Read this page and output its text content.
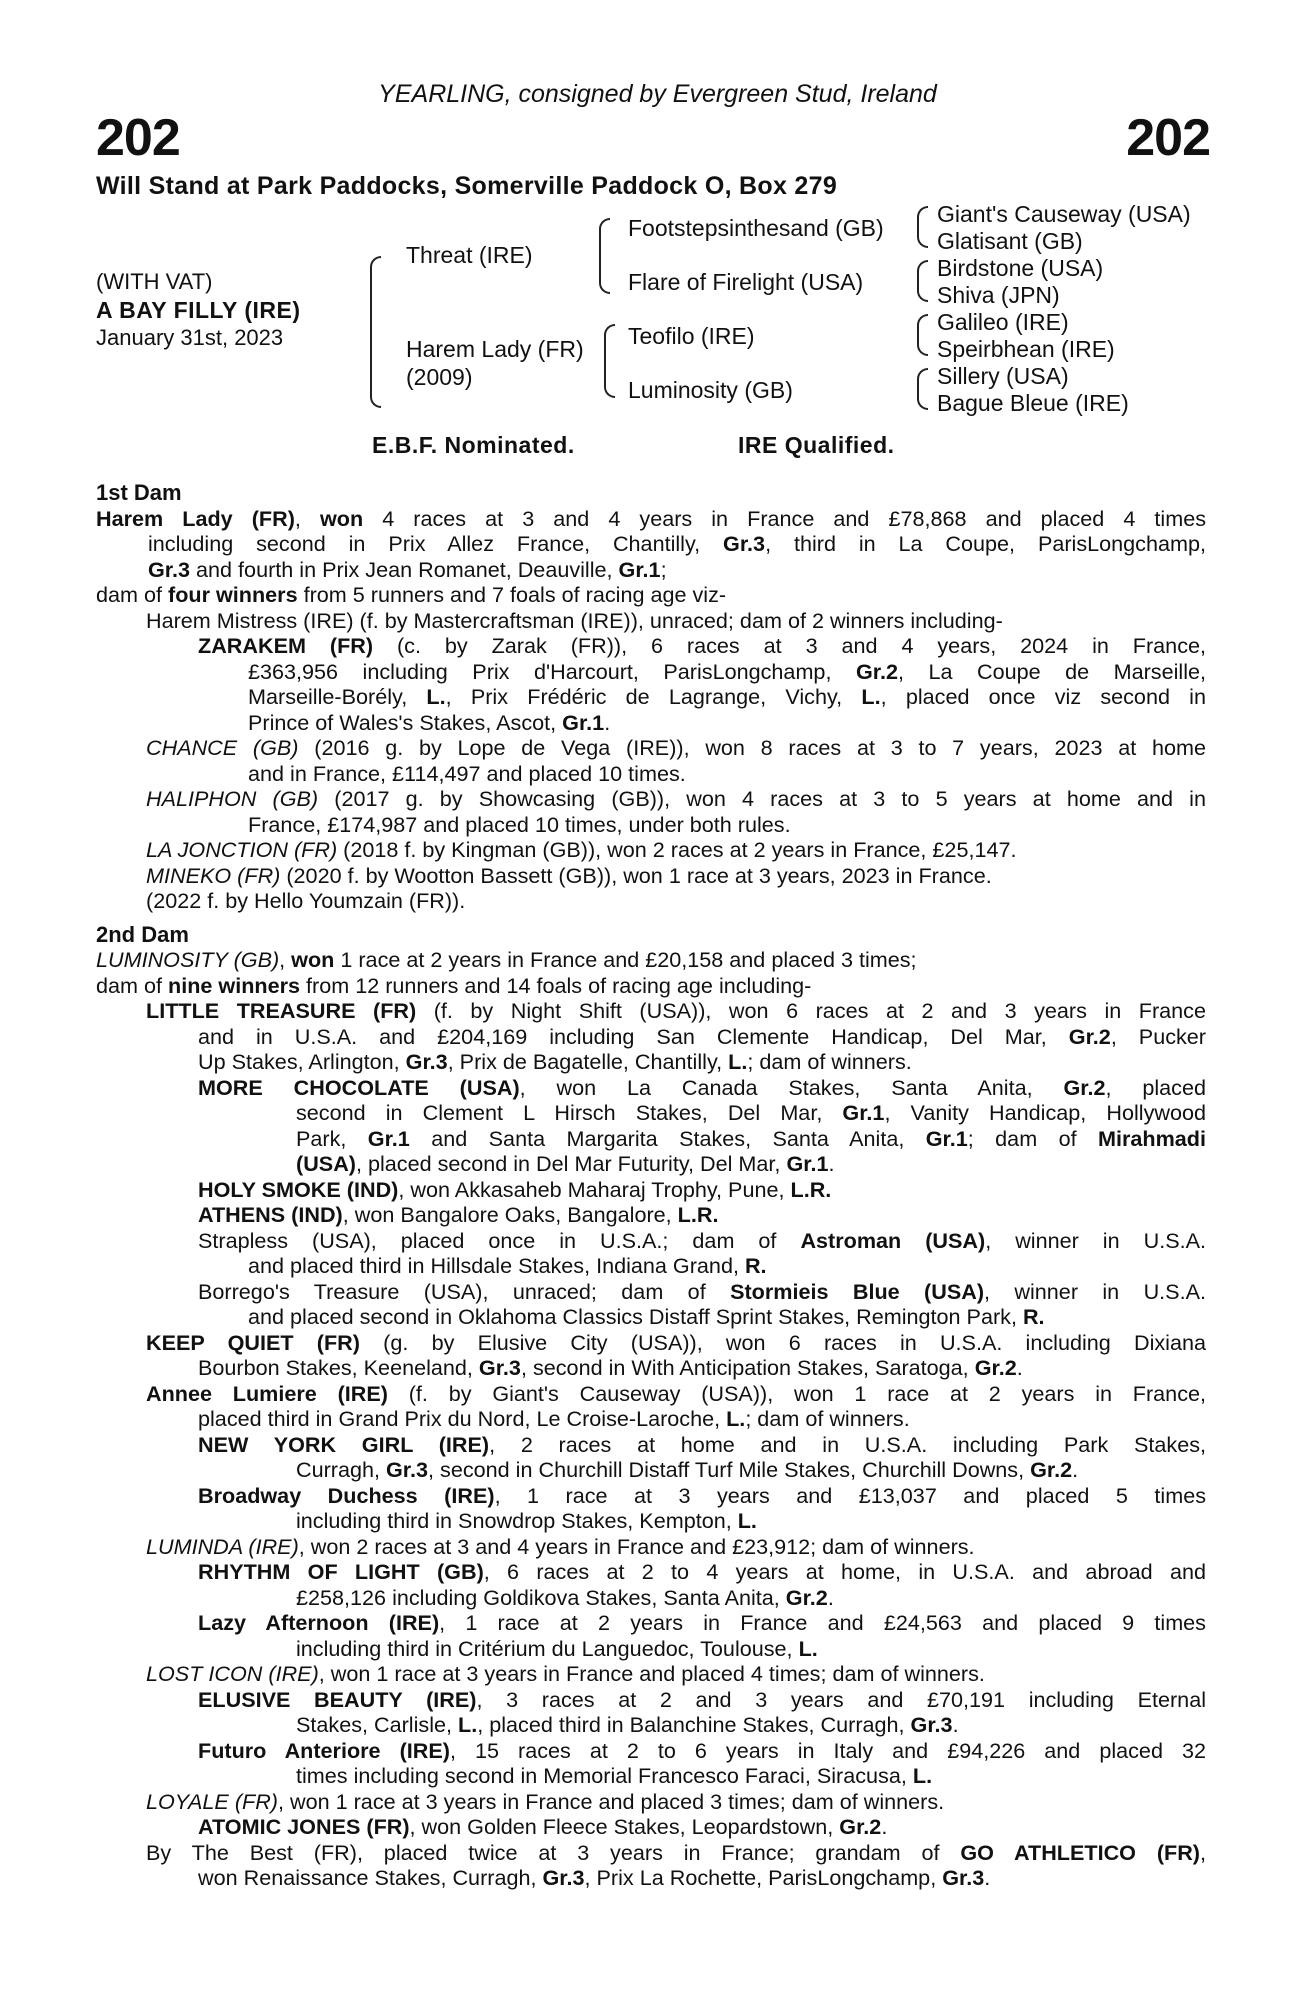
YEARLING, consigned by Evergreen Stud, Ireland
202	202
Will Stand at Park Paddocks, Somerville Paddock O, Box 279
(WITH VAT)
A BAY FILLY (IRE)
January 31st, 2023
Threat (IRE)
Harem Lady (FR)
(2009)
Footstepsinthesand (GB)
Flare of Firelight (USA)
Teofilo (IRE)
Luminosity (GB)
Giant's Causeway (USA)
Glatisant (GB)
Birdstone (USA)
Shiva (JPN)
Galileo (IRE)
Speirbhean (IRE)
Sillery (USA)
Bague Bleue (IRE)
E.B.F. Nominated.	IRE Qualified.
1st Dam
Harem Lady (FR), won 4 races at 3 and 4 years in France and £78,868 and placed 4 times
including second in Prix Allez France, Chantilly, Gr.3, third in La Coupe, ParisLongchamp,
Gr.3 and fourth in Prix Jean Romanet, Deauville, Gr.1;
dam of four winners from 5 runners and 7 foals of racing age viz-
Harem Mistress (IRE) (f. by Mastercraftsman (IRE)), unraced; dam of 2 winners including-
ZARAKEM (FR) (c. by Zarak (FR)), 6 races at 3 and 4 years, 2024 in France,
£363,956 including Prix d'Harcourt, ParisLongchamp, Gr.2, La Coupe de Marseille,
Marseille-Borély, L., Prix Frédéric de Lagrange, Vichy, L., placed once viz second in
Prince of Wales's Stakes, Ascot, Gr.1.
CHANCE (GB) (2016 g. by Lope de Vega (IRE)), won 8 races at 3 to 7 years, 2023 at home
and in France, £114,497 and placed 10 times.
HALIPHON (GB) (2017 g. by Showcasing (GB)), won 4 races at 3 to 5 years at home and in
France, £174,987 and placed 10 times, under both rules.
LA JONCTION (FR) (2018 f. by Kingman (GB)), won 2 races at 2 years in France, £25,147.
MINEKO (FR) (2020 f. by Wootton Bassett (GB)), won 1 race at 3 years, 2023 in France.
(2022 f. by Hello Youmzain (FR)).
2nd Dam
LUMINOSITY (GB), won 1 race at 2 years in France and £20,158 and placed 3 times;
dam of nine winners from 12 runners and 14 foals of racing age including-
LITTLE TREASURE (FR) (f. by Night Shift (USA)), won 6 races at 2 and 3 years in France
and in U.S.A. and £204,169 including San Clemente Handicap, Del Mar, Gr.2, Pucker
Up Stakes, Arlington, Gr.3, Prix de Bagatelle, Chantilly, L.; dam of winners.
MORE CHOCOLATE (USA), won La Canada Stakes, Santa Anita, Gr.2, placed
second in Clement L Hirsch Stakes, Del Mar, Gr.1, Vanity Handicap, Hollywood
Park, Gr.1 and Santa Margarita Stakes, Santa Anita, Gr.1; dam of Mirahmadi
(USA), placed second in Del Mar Futurity, Del Mar, Gr.1.
HOLY SMOKE (IND), won Akkasaheb Maharaj Trophy, Pune, L.R.
ATHENS (IND), won Bangalore Oaks, Bangalore, L.R.
Strapless (USA), placed once in U.S.A.; dam of Astroman (USA), winner in U.S.A.
and placed third in Hillsdale Stakes, Indiana Grand, R.
Borrego's Treasure (USA), unraced; dam of Stormieis Blue (USA), winner in U.S.A.
and placed second in Oklahoma Classics Distaff Sprint Stakes, Remington Park, R.
KEEP QUIET (FR) (g. by Elusive City (USA)), won 6 races in U.S.A. including Dixiana
Bourbon Stakes, Keeneland, Gr.3, second in With Anticipation Stakes, Saratoga, Gr.2.
Annee Lumiere (IRE) (f. by Giant's Causeway (USA)), won 1 race at 2 years in France,
placed third in Grand Prix du Nord, Le Croise-Laroche, L.; dam of winners.
NEW YORK GIRL (IRE), 2 races at home and in U.S.A. including Park Stakes,
Curragh, Gr.3, second in Churchill Distaff Turf Mile Stakes, Churchill Downs, Gr.2.
Broadway Duchess (IRE), 1 race at 3 years and £13,037 and placed 5 times
including third in Snowdrop Stakes, Kempton, L.
LUMINDA (IRE), won 2 races at 3 and 4 years in France and £23,912; dam of winners.
RHYTHM OF LIGHT (GB), 6 races at 2 to 4 years at home, in U.S.A. and abroad and
£258,126 including Goldikova Stakes, Santa Anita, Gr.2.
Lazy Afternoon (IRE), 1 race at 2 years in France and £24,563 and placed 9 times
including third in Critérium du Languedoc, Toulouse, L.
LOST ICON (IRE), won 1 race at 3 years in France and placed 4 times; dam of winners.
ELUSIVE BEAUTY (IRE), 3 races at 2 and 3 years and £70,191 including Eternal
Stakes, Carlisle, L., placed third in Balanchine Stakes, Curragh, Gr.3.
Futuro Anteriore (IRE), 15 races at 2 to 6 years in Italy and £94,226 and placed 32
times including second in Memorial Francesco Faraci, Siracusa, L.
LOYALE (FR), won 1 race at 3 years in France and placed 3 times; dam of winners.
ATOMIC JONES (FR), won Golden Fleece Stakes, Leopardstown, Gr.2.
By The Best (FR), placed twice at 3 years in France; grandam of GO ATHLETICO (FR),
won Renaissance Stakes, Curragh, Gr.3, Prix La Rochette, ParisLongchamp, Gr.3.
